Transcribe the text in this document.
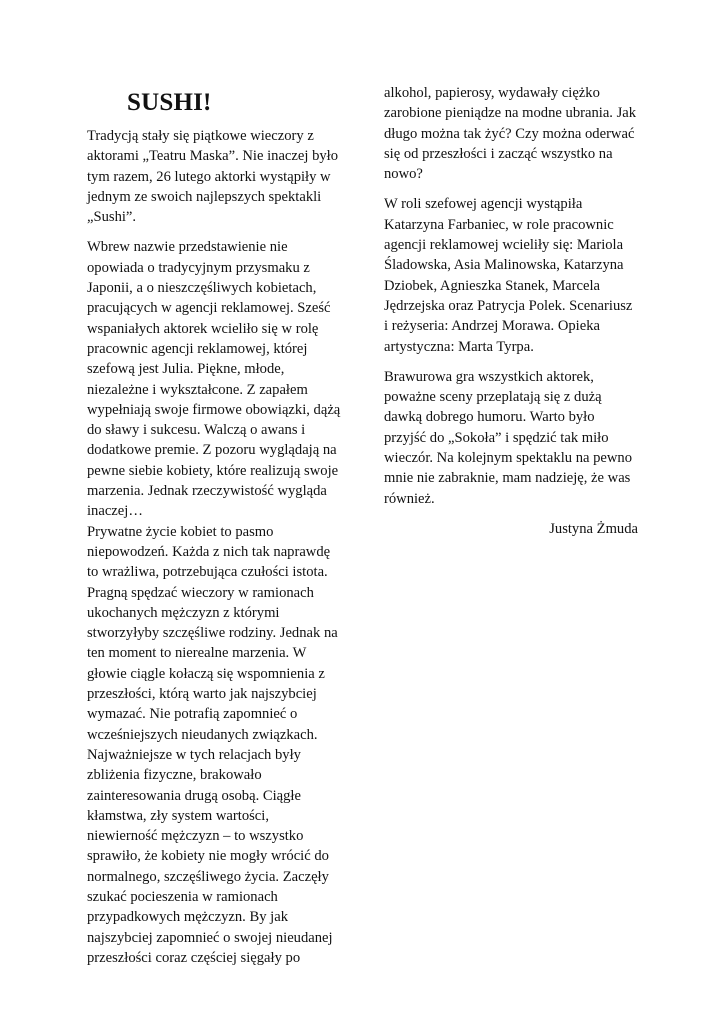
SUSHI!

Tradycją stały się piątkowe wieczory z
aktorami „Teatru Maska”. Nie inaczej było
tym razem, 26 lutego aktorki wystąpiły w
jednym ze swoich najlepszych spektakli
„Sushi”.

Wbrew nazwie przedstawienie nie
opowiada o tradycyjnym przysmaku z
Japonii, a o nieszczęśliwych kobietach,
pracujących w agencji reklamowej. Sześć
wspaniałych aktorek wcieliło się w rolę
pracownic agencji reklamowej, której
szefową jest Julia. Piękne, młode,
niezależne i wykształcone. Z zapałem
wypełniają swoje firmowe obowiązki, dążą
do sławy i sukcesu. Walczą o awans i
dodatkowe premie. Z pozoru wyglądają na
pewne siebie kobiety, które realizują swoje
marzenia. Jednak rzeczywistość wygląda
inaczej…

Prywatne życie kobiet to pasmo
niepowodzeń. Każda z nich tak naprawdę
to wrażliwa, potrzebująca czułości istota.
Pragną spędzać wieczory w ramionach
ukochanych mężczyzn z którymi
stworzyłyby szczęśliwe rodziny. Jednak na
ten moment to nierealne marzenia. W
głowie ciągle kołaczą się wspomnienia z
przeszłości, którą warto jak najszybciej
wymazać. Nie potrafią zapomnieć o
wcześniejszych nieudanych związkach.
Najważniejsze w tych relacjach były
zbliżenia fizyczne, brakowało
zainteresowania drugą osobą. Ciągłe
kłamstwa, zły system wartości,
niewierność mężczyzn – to wszystko
sprawiło, że kobiety nie mogły wrócić do
normalnego, szczęśliwego życia. Zaczęły
szukać pocieszenia w ramionach
przypadkowych mężczyzn. By jak
najszybciej zapomnieć o swojej nieudanej
przeszłości coraz częściej sięgały po

alkohol, papierosy, wydawały ciężko
zarobione pieniądze na modne ubrania. Jak
długo można tak żyć? Czy można oderwać
się od przeszłości i zacząć wszystko na
nowo?

W roli szefowej agencji wystąpiła
Katarzyna Farbaniec, w role pracownic
agencji reklamowej wcieliły się: Mariola
Śladowska, Asia Malinowska, Katarzyna
Dziobek, Agnieszka Stanek, Marcela
Jędrzejska oraz Patrycja Polek. Scenariusz
i reżyseria: Andrzej Morawa. Opieka
artystyczna: Marta Tyrpa.

Brawurowa gra wszystkich aktorek,
poważne sceny przeplatają się z dużą
dawką dobrego humoru. Warto było
przyjść do „Sokoła” i spędzić tak miło
wieczór. Na kolejnym spektaklu na pewno
mnie nie zabraknie, mam nadzieję, że was
również.

Justyna Żmuda
